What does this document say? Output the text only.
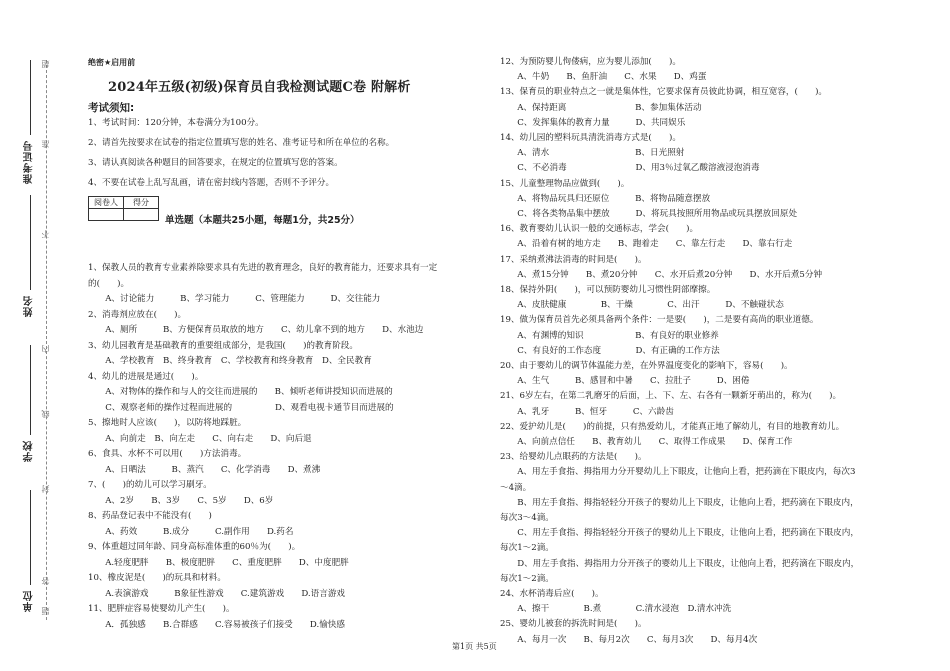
准考证号
姓名
学校
单位 题
答
封
线
内
不
准
超	绝密★启用前
2024年五级(初级)保育员自我检测试题C卷 附解析
考试须知:
1、考试时间：120分钟，本卷满分为100分。
2、请首先按要求在试卷的指定位置填写您的姓名、准考证号和所在单位的名称。
3、请认真阅读各种题目的回答要求，在规定的位置填写您的答案。
4、不要在试卷上乱写乱画，请在密封线内答题，否则不予评分。
阅卷人	得分

单选题（本题共25小题，每题1分，共25分）
1、保教人员的教育专业素养除要求具有先进的教育理念，良好的教育能力，还要求具有一定
的(　　)。
　　A、讨论能力　　　B、学习能力　　　C、管理能力　　　D、交往能力
2、消毒剂应放在(　　)。
　　A、厕所　　　B、方便保育员取放的地方　　C、幼儿拿不到的地方　　D、水池边
3、幼儿园教育是基础教育的重要组成部分，是我国(　　)的教育阶段。
　　A、学校教育　B、终身教育　C、学校教育和终身教育　D、全民教育
4、幼儿的进展是通过(　　)。
　　A、对物体的操作和与人的交往而进展的　　B、倾听老师讲授知识而进展的
　　C、观察老师的操作过程而进展的　　　　　D、观看电视卡通节目而进展的
5、擦地时人应该(　　)，以防将地踩脏。
　　A、向前走　B、向左走　　C、向右走　　D、向后退
6、食具、水杯不可以用(　　)方法消毒。
　　A、日晒法　　　B、蒸汽　　C、化学消毒　　D、煮沸
7、(　　)的幼儿可以学习刷牙。
　　A、2岁　　B、3岁　　C、5岁　　D、6岁
8、药品登记表中不能没有(　　)
　　A、药效　　　B.成分　　　C.副作用　　D.药名
9、体重超过同年龄、同身高标准体重的60％为(　　)。
　　A.轻度肥胖　　B、极度肥胖　　C、重度肥胖　　D、中度肥胖
10、橡皮泥是(　　)的玩具和材料。
　　A.表演游戏　　　B象征性游戏　　C.建筑游戏　　D.语言游戏
11、肥胖症容易使婴幼儿产生(　　)。
　　A．孤独感　　B.合群感　　C.容易被孩子们接受　　D.愉快感
12、为预防婴儿佝偻病，应为婴儿添加(　　)。
　　A、牛奶　　B、鱼肝油　　C、水果　　D、鸡蛋
13、保育员的职业特点之一就是集体性，它要求保育员彼此协调，相互宽容，(　　)。
　　A、保持距离　　　　　　　　B、参加集体活动
　　C、发挥集体的教育力量　　　D、共同娱乐
14、幼儿园的塑料玩具清洗消毒方式是(　　)。
　　A、清水　　　　　　　　　　B、日光照射
　　C、不必消毒　　　　　　　　D、用3％过氧乙酸溶液浸泡消毒
15、儿童整理物品应做到(　　)。
　　A、将物品玩具归还原位　　　B、将物品随意摆放
　　C、将各类物品集中摆放　　　D、将玩具按照所用物品或玩具摆放回原处
16、教育婴幼儿认识一般的交通标志，学会(　　)。
　　A、沿着有树的地方走　　B、跑着走　　C、靠左行走　　D、靠右行走
17、采纳煮沸法消毒的时间是(　　)。
　　A、煮15分钟　　B、煮20分钟　　C、水开后煮20分钟　　D、水开后煮5分钟
18、保持外阴(　　)，可以预防婴幼儿习惯性阴部摩擦。
　　A、皮肤健康　　　　B、干燥　　　　C、出汗　　　D、不触碰状态
19、做为保育员首先必须具备两个条件：一是要(　　)，二是要有高尚的职业道德。
　　A、有渊博的知识　　　　　　B、有良好的职业修养
　　C、有良好的工作态度　　　　D、有正确的工作方法
20、由于婴幼儿的调节体温能力差，在外界温度变化的影响下，容易(　　)。
　　A、生气　　　B、感冒和中暑　　C、拉肚子　　　D、困倦
21、6岁左右，在第二乳磨牙的后面，上、下、左、右各有一颗新牙萌出的，称为(　　)。
　　A、乳牙　　　B、恒牙　　　C、六龄齿
22、爱护幼儿是(　　)的前提，只有热爱幼儿，才能真正地了解幼儿，有目的地教育幼儿。
　　A、向前点信任　　B、教育幼儿　　C、取得工作成果　　D、保育工作
23、给婴幼儿点眼药的方法是(　　)。
　　A、用左手食指、拇指用力分开婴幼儿上下眼皮，让他向上看，把药滴在下眼皮内，每次3
～4滴。
　　B、用左手食指、拇指轻轻分开孩子的婴幼儿上下眼皮，让他向上看，把药滴在下眼皮内，
每次3～4滴。
　　C、用左手食指、拇指轻轻分开孩子的婴幼儿上下眼皮，让他向上看，把药滴在下眼皮内，
每次1～2滴。
　　D、用左手食指、拇指用力分开孩子的婴幼儿上下眼皮，让他向上看，把药滴在下眼皮内，
每次1～2滴。
24、水杯消毒后应(　　)。
　　A、擦干　　　　B.煮　　　　C.清水浸泡　D.清水冲洗
25、婴幼儿被套的拆洗时间是(　　)。
　　A、每月一次　　B、每月2次　　C、每月3次　　D、每月4次
第1页 共5页
